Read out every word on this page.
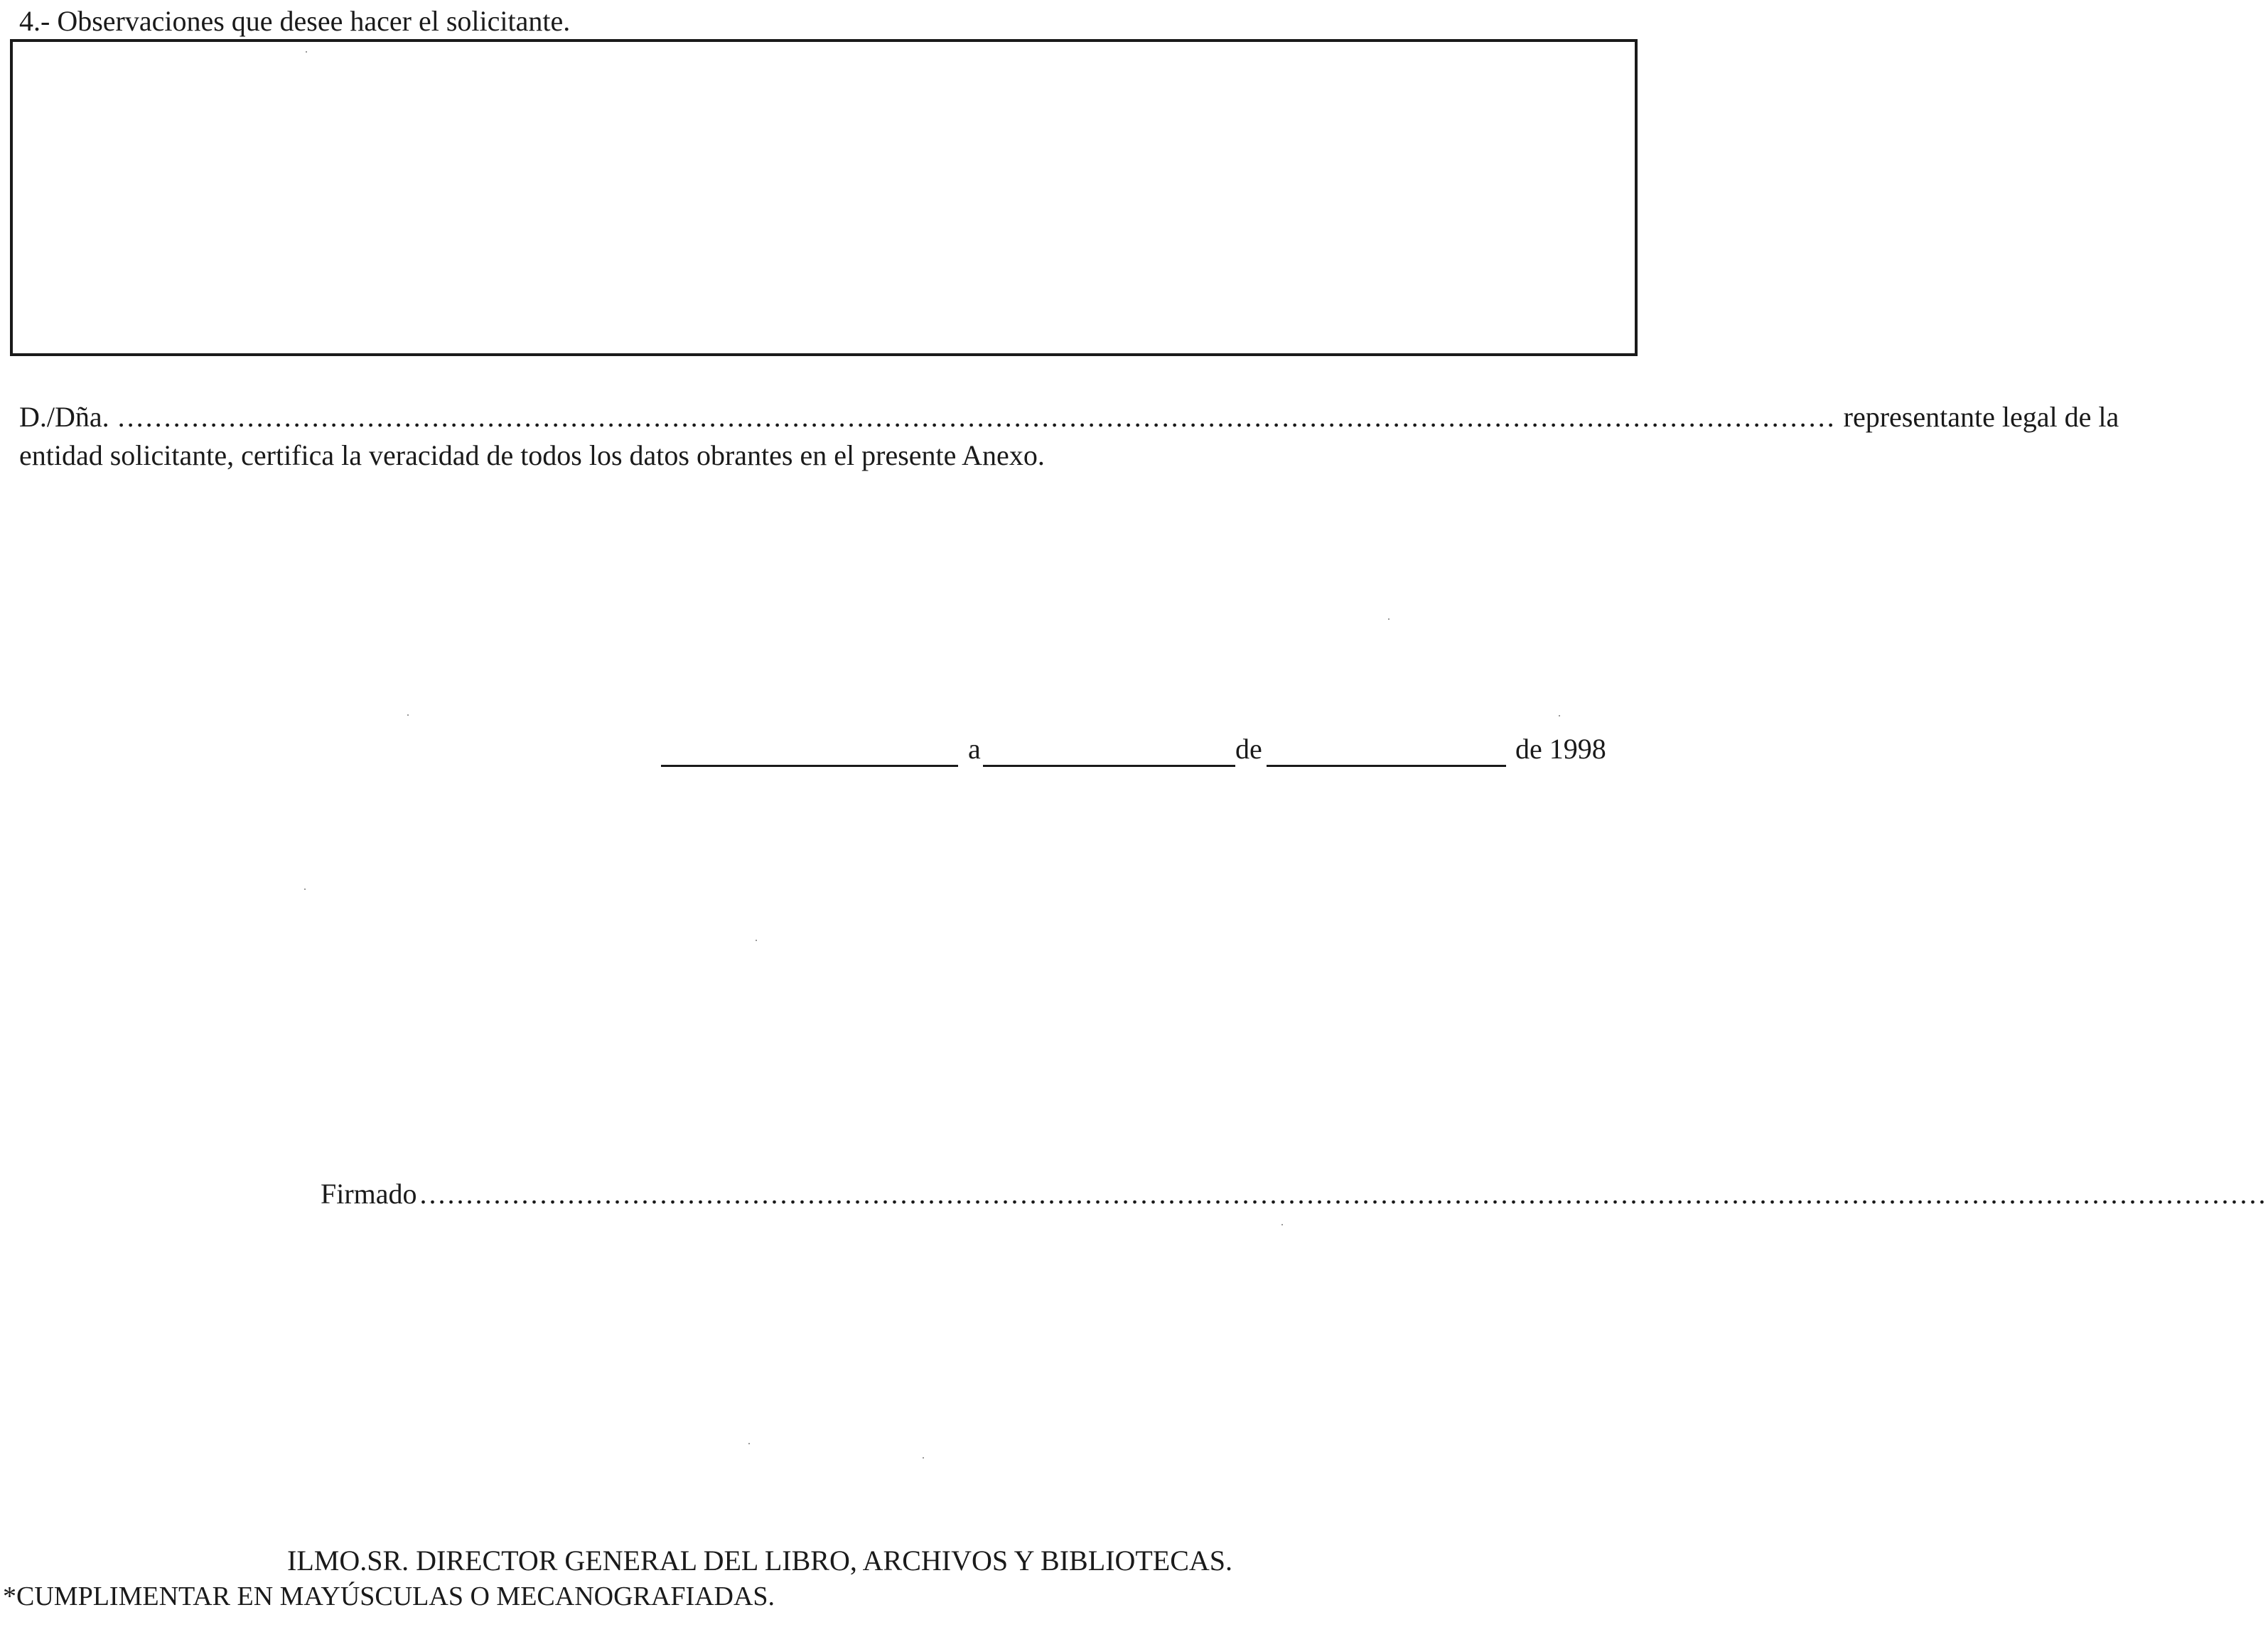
4.- Observaciones que desee hacer el solicitante.
D./Dña. .......................................................................................................................................................................................... representante legal de la
entidad solicitante, certifica la veracidad de todos los datos obrantes en el presente Anexo.
a	de	de 1998
Firmado ........................................................................................................................................................................................................
ILMO.SR. DIRECTOR GENERAL DEL LIBRO, ARCHIVOS Y BIBLIOTECAS.
*CUMPLIMENTAR EN MAYÚSCULAS O MECANOGRAFIADAS.
